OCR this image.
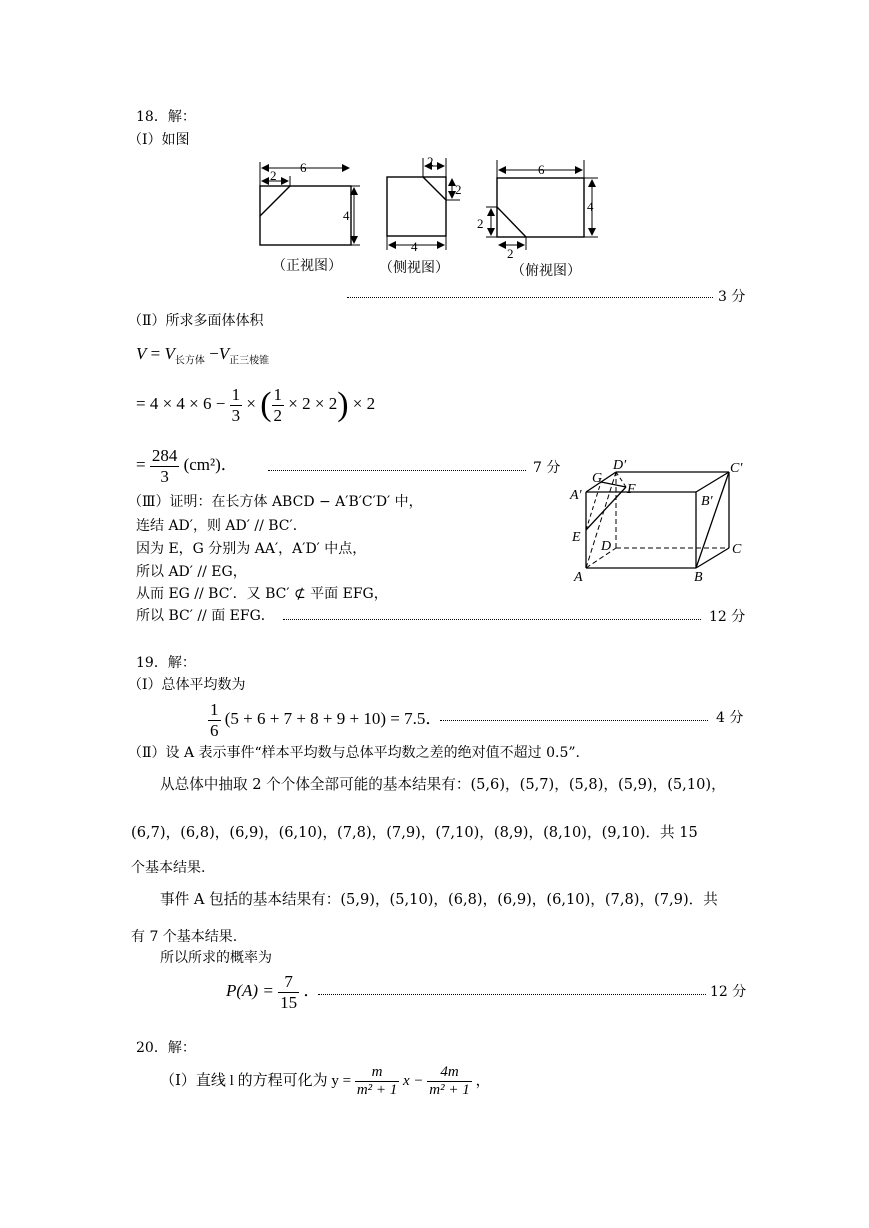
18．解：
（Ⅰ）如图
6
2
4
2
2
4
6
4
2
2
（正视图）	（侧视图）	（俯视图）
3 分
（Ⅱ）所求多面体体积
$V = V_{长方体} -V_{正三棱锥}$
= $4 \times 4 \times 6 - \frac{1}{3}$ × ( $\frac{1}{2} \times 2 \times 2) \times 2$
= $\frac{284}{3} (cm^2)$．	7 分
（Ⅲ）证明：在长方体 ABCD − A′B′C′D′ 中，
连结 AD′，则 AD′ // BC′．
因为 E，G 分别为 AA′，A′D′ 中点，
所以 AD′ // EG，
从而 EG // BC′．又 BC′ ⊄ 平面 EFG，
所以 BC′ // 面 EFG．	12 分
A	B
C
D
A′	B′
C′
D′
E
F
G
19．解：
（Ⅰ）总体平均数为
$\frac{1}{6} (5 + 6 + 7 + 8 + 9 + 10) = 7.5$．	4 分
（Ⅱ）设 A 表示事件“样本平均数与总体平均数之差的绝对值不超过 0.5”.
从总体中抽取 2 个个体全部可能的基本结果有：(5,6)，(5,7)，(5,8)，(5,9)，(5,10)，
(6,7)，(6,8)，(6,9)，(6,10)，(7,8)，(7,9)，(7,10)，(8,9)，(8,10)，(9,10)．共 15
个基本结果.
事件 A 包括的基本结果有：(5,9)，(5,10)，(6,8)，(6,9)，(6,10)，(7,8)，(7,9)．共
有 7 个基本结果.
所以所求的概率为
$P(A) = \frac{7}{15}$ ．	12 分
20．解：
（Ⅰ）直线 l 的方程可化为 $y = \frac{m}{\text{m² + 1}}$ $x - \frac{4m}{\text{m² + 1}}$ ，
